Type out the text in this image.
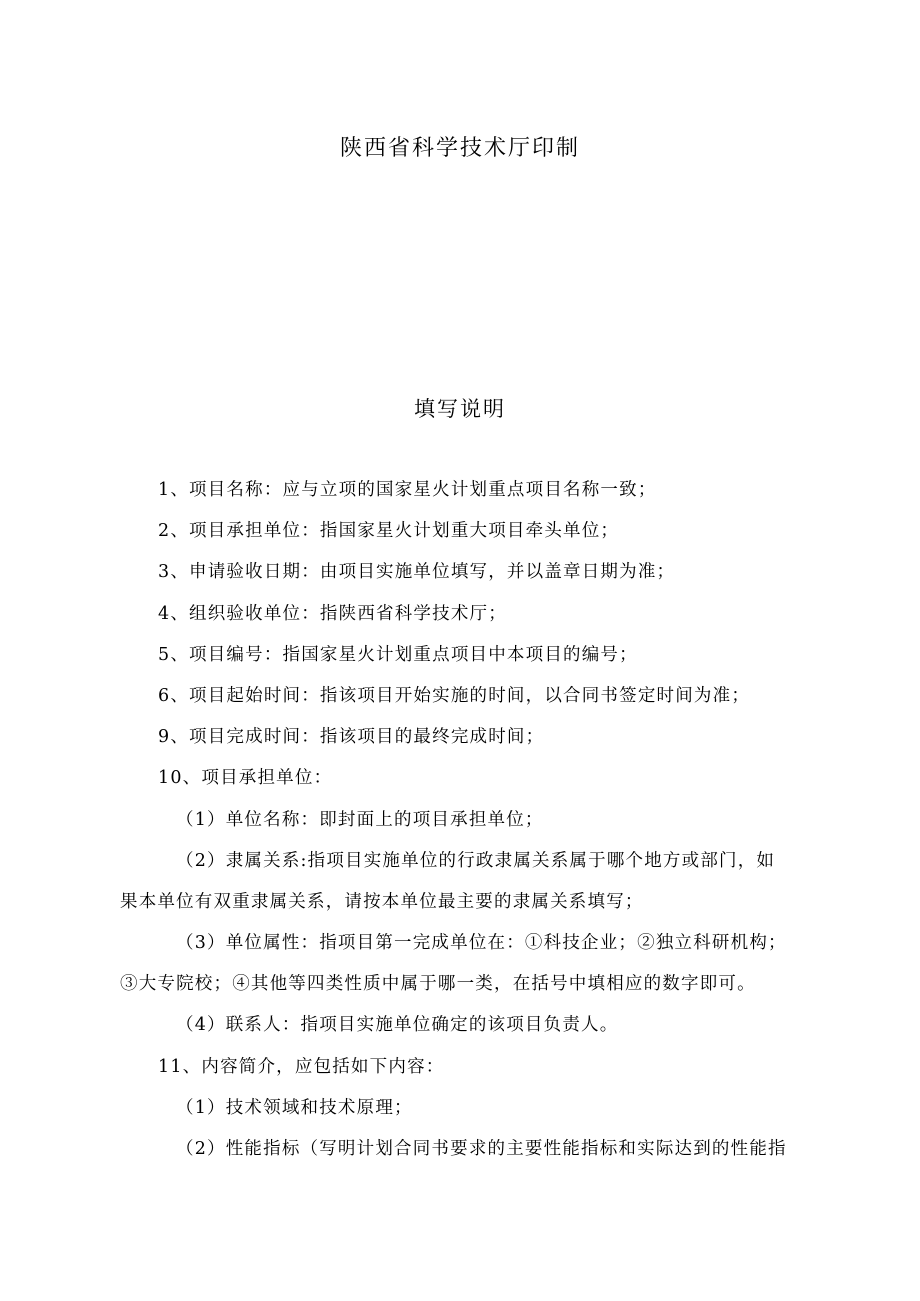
陕西省科学技术厅印制
填写说明
1、项目名称：应与立项的国家星火计划重点项目名称一致；
2、项目承担单位：指国家星火计划重大项目牵头单位；
3、申请验收日期：由项目实施单位填写，并以盖章日期为准；
4、组织验收单位：指陕西省科学技术厅；
5、项目编号：指国家星火计划重点项目中本项目的编号；
6、项目起始时间：指该项目开始实施的时间，以合同书签定时间为准；
9、项目完成时间：指该项目的最终完成时间；
10、项目承担单位：
（1）单位名称：即封面上的项目承担单位；
（2）隶属关系:指项目实施单位的行政隶属关系属于哪个地方或部门，如
果本单位有双重隶属关系，请按本单位最主要的隶属关系填写；
（3）单位属性：指项目第一完成单位在：①科技企业；②独立科研机构；
③大专院校；④其他等四类性质中属于哪一类，在括号中填相应的数字即可。
（4）联系人：指项目实施单位确定的该项目负责人。
11、内容简介，应包括如下内容：
（1）技术领域和技术原理；
（2）性能指标（写明计划合同书要求的主要性能指标和实际达到的性能指
